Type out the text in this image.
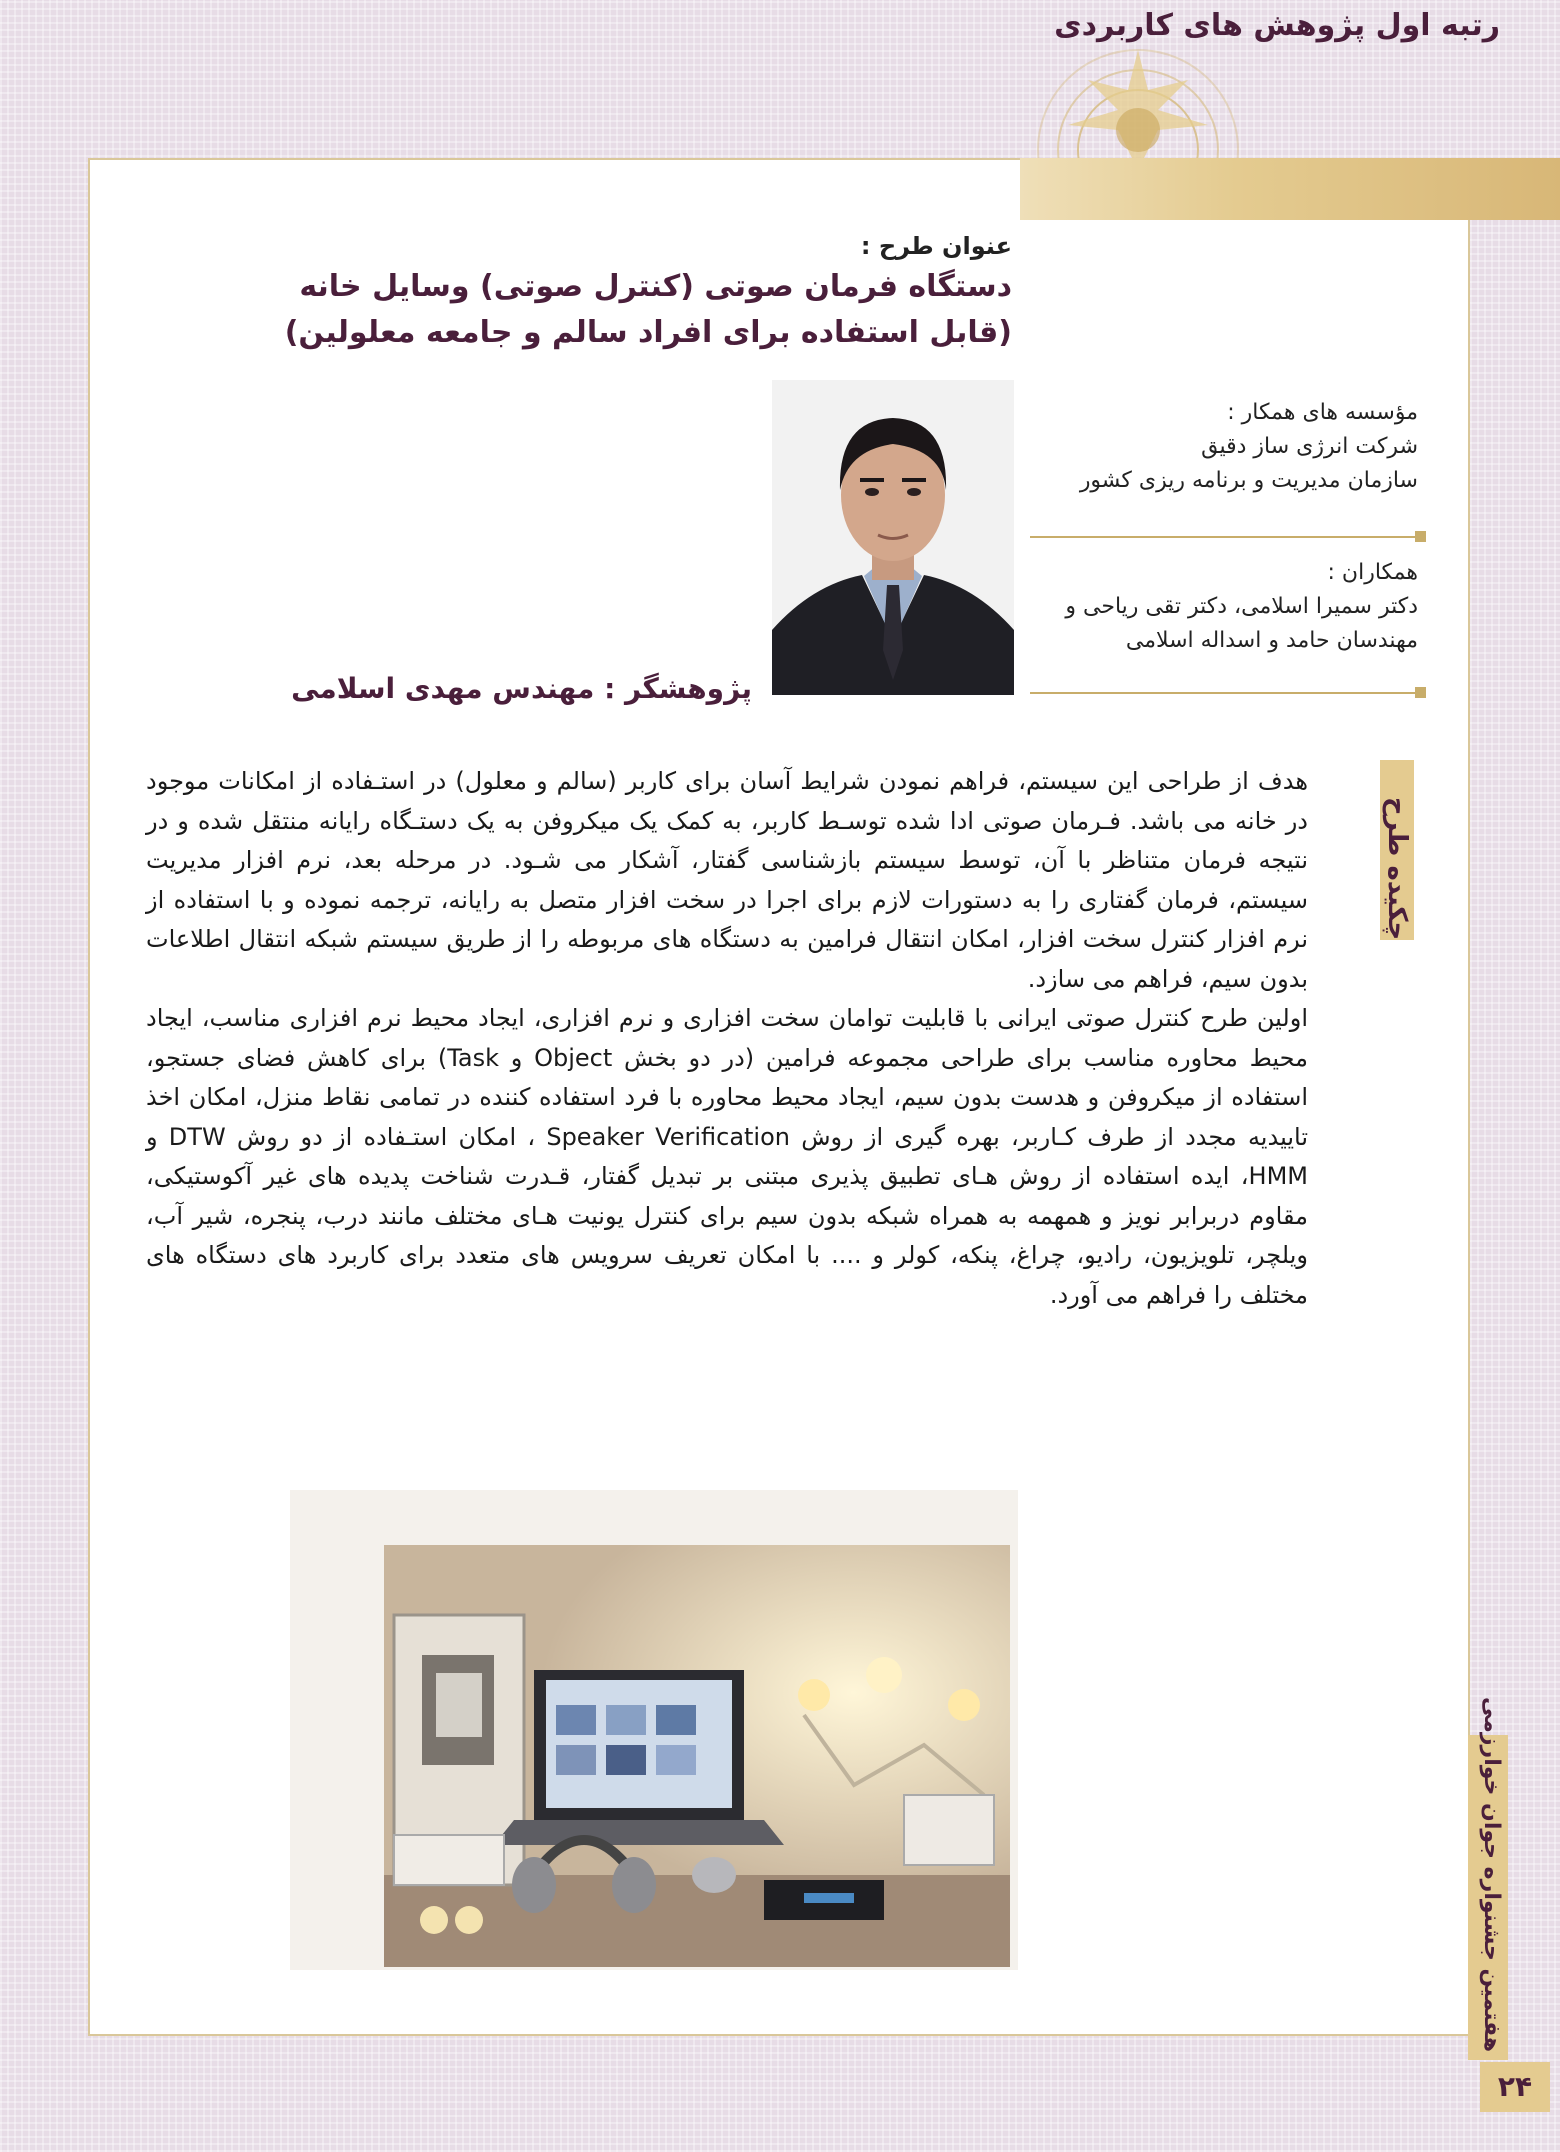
رتبه اول پژوهش های کاربردی
عنوان طرح :
دستگاه فرمان صوتی (کنترل صوتی) وسایل خانه
(قابل استفاده برای افراد سالم و جامعه معلولین)
پژوهشگر : مهندس مهدی اسلامی
مؤسسه های همکار :
شرکت انرژی ساز دقیق
سازمان مدیریت و برنامه ریزی کشور
همکاران :
دکتر سمیرا اسلامی، دکتر تقی ریاحی و
مهندسان حامد و اسداله اسلامی
چکیده طرح

هدف از طراحی این سیستم، فراهم نمودن شرایط آسان برای کاربر (سالم و معلول) در استـفاده از امکانات موجود در خانه می باشد. فـرمان صوتی ادا شده توسـط کاربر، به کمک یک میکروفن به یک دستـگاه رایانه منتقل شده و در نتیجه فرمان متناظر با آن، توسط سیستم بازشناسی گفتار، آشکار می شـود. در مرحله بعد، نرم افزار مدیریت سیستم، فرمان گفتاری را به دستورات لازم برای اجرا در سخت افزار متصل به رایانه، ترجمه نموده و با استفاده از نرم افزار کنترل سخت افزار، امکان انتقال فرامین به دستگاه های مربوطه را از طریق سیستم شبکه انتقال اطلاعات بدون سیم، فراهم می سازد.

اولین طرح کنترل صوتی ایرانی با قابلیت توامان سخت افزاری و نرم افزاری، ایجاد محیط نرم افزاری مناسب، ایجاد محیط محاوره مناسب برای طراحی مجموعه فرامین (در دو بخش Object و Task) برای کاهش فضای جستجو، استفاده از میکروفن و هدست بدون سیم، ایجاد محیط محاوره با فرد استفاده کننده در تمامی نقاط منزل، امکان اخذ تاییدیه مجدد از طرف کـاربر، بهره گیری از روش Speaker Verification ، امکان استـفاده از دو روش DTW و HMM، ایده استفاده از روش هـای تطبیق پذیری مبتنی بر تبدیل گفتار، قـدرت شناخت پدیده های غیر آکوستیکی، مقاوم دربرابر نویز و همهمه به همراه شبکه بدون سیم برای کنترل یونیت هـای مختلف مانند درب، پنجره، شیر آب، ویلچر، تلویزیون، رادیو، چراغ، پنکه، کولر و .... با امکان تعریف سرویس های متعدد برای کاربرد های دستگاه های مختلف را فراهم می آورد.

هفتمین جشنواره جوان خوارزمی
۲۴
